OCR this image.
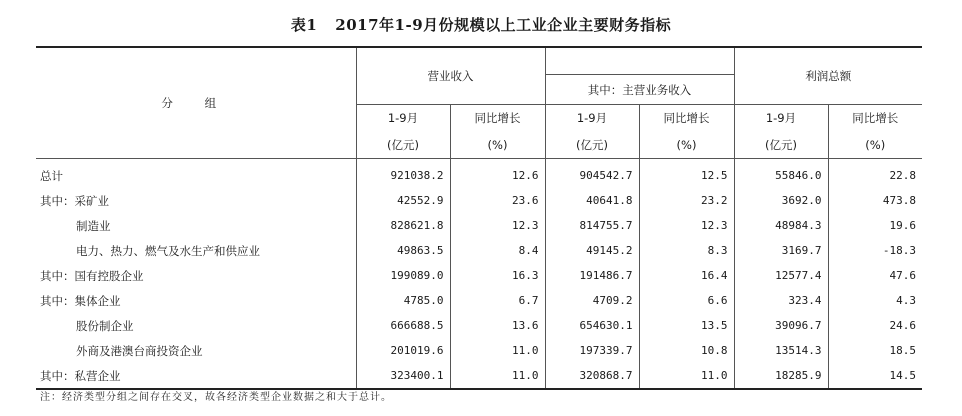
表1 2017年1-9月份规模以上工业企业主要财务指标
分 组	营业收入				利润总额	
			其中：主营业务收入			
	1-9月	同比增长	1-9月	同比增长	1-9月	同比增长
	(亿元)	(%)	(亿元)	(%)	(亿元)	(%)
总计	921038.2	12.6	904542.7	12.5	55846.0	22.8
其中：采矿业	42552.9	23.6	40641.8	23.2	3692.0	473.8
制造业	828621.8	12.3	814755.7	12.3	48984.3	19.6
电力、热力、燃气及水生产和供应业	49863.5	8.4	49145.2	8.3	3169.7	-18.3
其中：国有控股企业	199089.0	16.3	191486.7	16.4	12577.4	47.6
其中：集体企业	4785.0	6.7	4709.2	6.6	323.4	4.3
股份制企业	666688.5	13.6	654630.1	13.5	39096.7	24.6
外商及港澳台商投资企业	201019.6	11.0	197339.7	10.8	13514.3	18.5
其中：私营企业	323400.1	11.0	320868.7	11.0	18285.9	14.5
注：经济类型分组之间存在交叉，故各经济类型企业数据之和大于总计。
